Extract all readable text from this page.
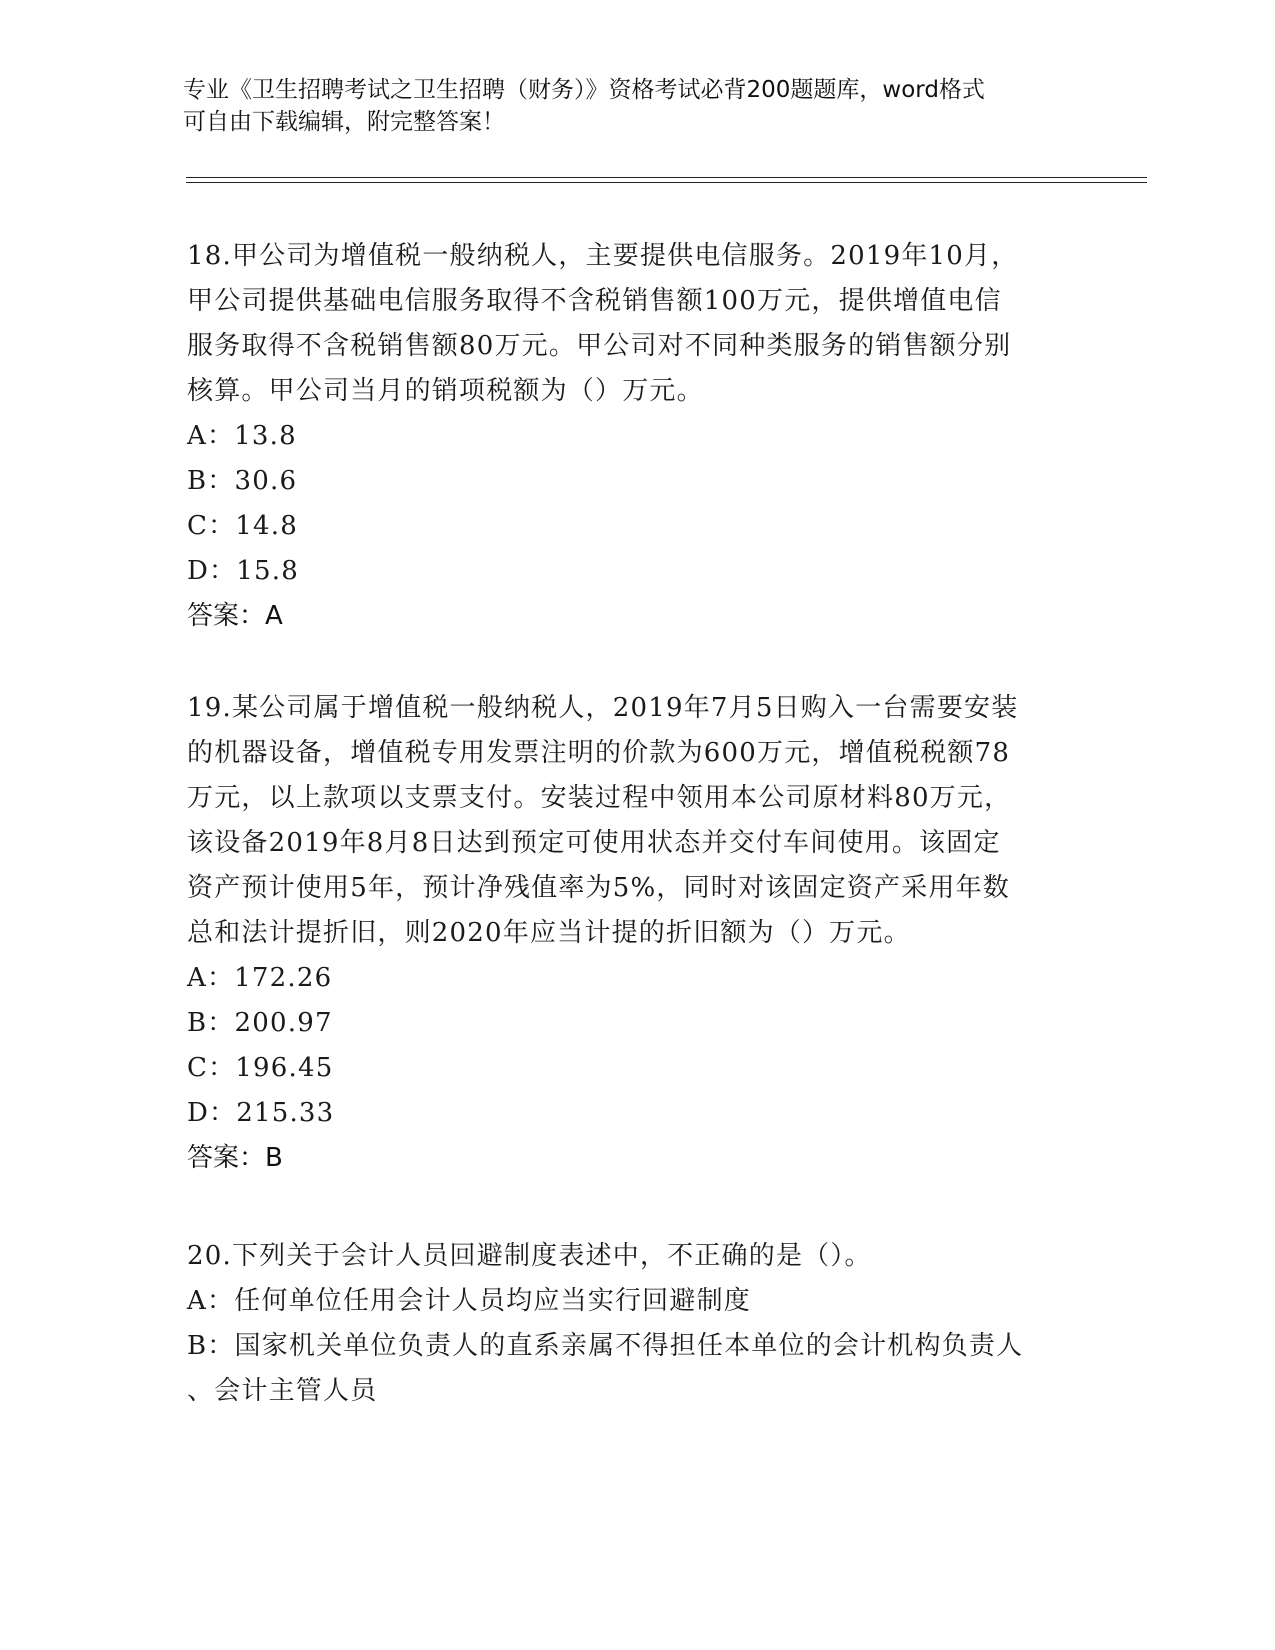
专业《卫生招聘考试之卫生招聘（财务）》资格考试必背200题题库，word格式
可自由下载编辑，附完整答案！
18.甲公司为增值税一般纳税人，主要提供电信服务。2019年10月，
甲公司提供基础电信服务取得不含税销售额100万元，提供增值电信
服务取得不含税销售额80万元。甲公司对不同种类服务的销售额分别
核算。甲公司当月的销项税额为（）万元。
A：13.8
B：30.6
C：14.8
D：15.8
答案：A
19.某公司属于增值税一般纳税人，2019年7月5日购入一台需要安装
的机器设备，增值税专用发票注明的价款为600万元，增值税税额78
万元，以上款项以支票支付。安装过程中领用本公司原材料80万元，
该设备2019年8月8日达到预定可使用状态并交付车间使用。该固定
资产预计使用5年，预计净残值率为5%，同时对该固定资产采用年数
总和法计提折旧，则2020年应当计提的折旧额为（）万元。
A：172.26
B：200.97
C：196.45
D：215.33
答案：B
20.下列关于会计人员回避制度表述中，不正确的是（）。
A：任何单位任用会计人员均应当实行回避制度
B：国家机关单位负责人的直系亲属不得担任本单位的会计机构负责人
、会计主管人员
